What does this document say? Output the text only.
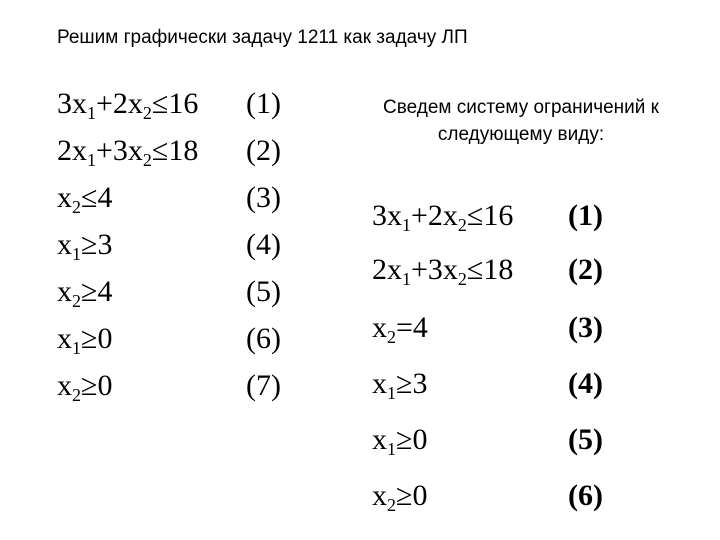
Решим графически задачу 1211 как задачу ЛП
$3x_1+2x_2\le 16$
$2x_1+3x_2\le 18$
$x_2\le 4$
$x_1\ge 3$
$x_2\ge 4$
$x_1\ge 0$
$x_2\ge 0$
(1)
(2)
(3)
(4)
(5)
(6)
(7)
Сведем систему ограничений к следующему виду:
$3x_1+2x_2\le 16$
$2x_1+3x_2\le 18$
$x_2=4$
$x_1\ge 3$
$x_1\ge 0$
$x_2\ge 0$
(1)
(2)
(3)
(4)
(5)
(6)
